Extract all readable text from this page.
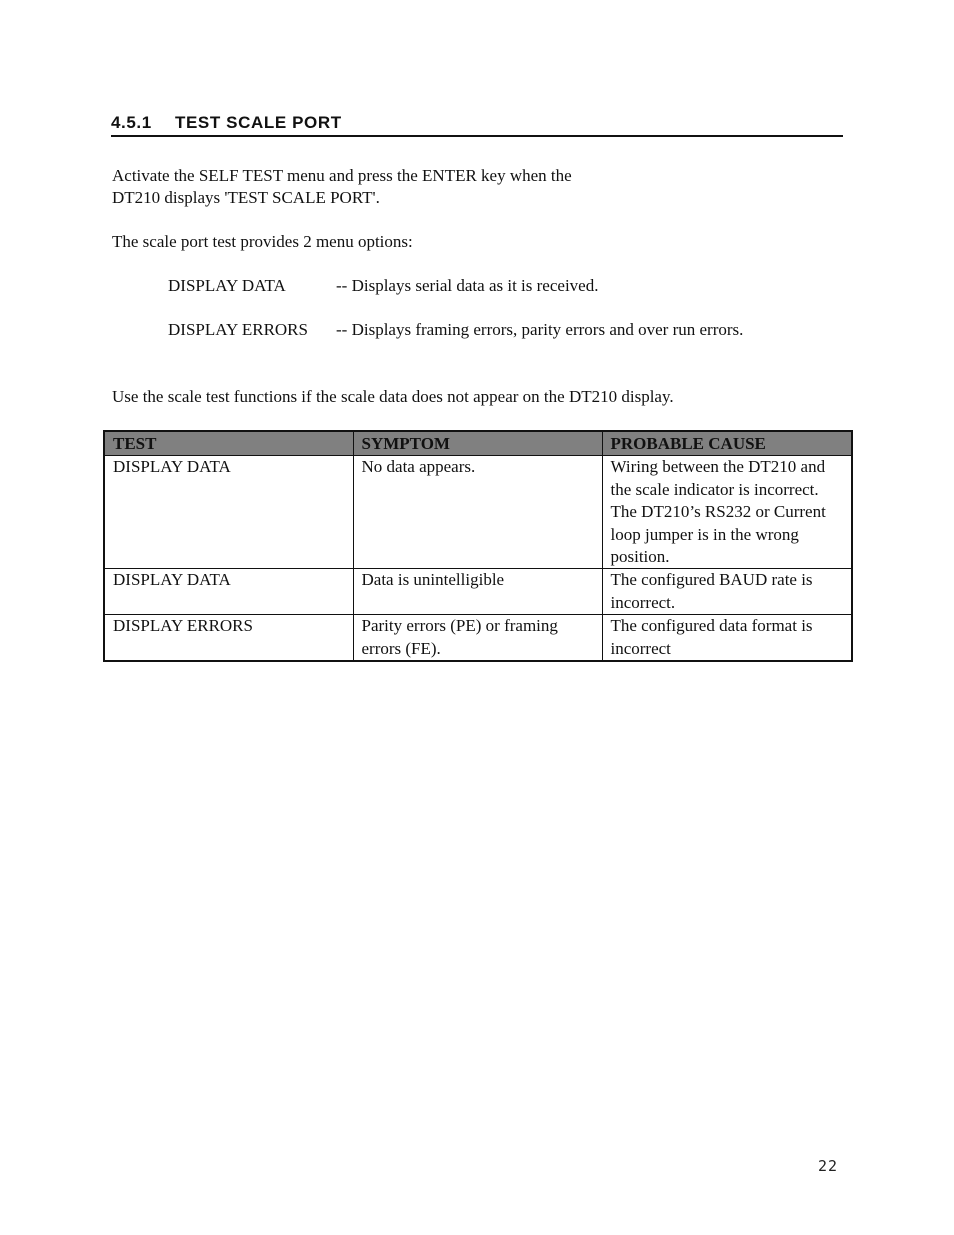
4.5.1 TEST SCALE PORT
Activate the SELF TEST menu and press the ENTER key when the
DT210 displays 'TEST SCALE PORT'.
The scale port test provides 2 menu options:
DISPLAY DATA	-- Displays serial data as it is received.
DISPLAY ERRORS -- Displays framing errors, parity errors and over run errors.
Use the scale test functions if the scale data does not appear on the DT210 display.
TEST	SYMPTOM	PROBABLE CAUSE
DISPLAY DATA	No data appears.	Wiring between the DT210 and the scale indicator is incorrect. The DT210’s RS232 or Current loop jumper is in the wrong position.
DISPLAY DATA	Data is unintelligible	The configured BAUD rate is incorrect.
DISPLAY ERRORS	Parity errors (PE) or framing errors (FE).	The configured data format is incorrect
22
